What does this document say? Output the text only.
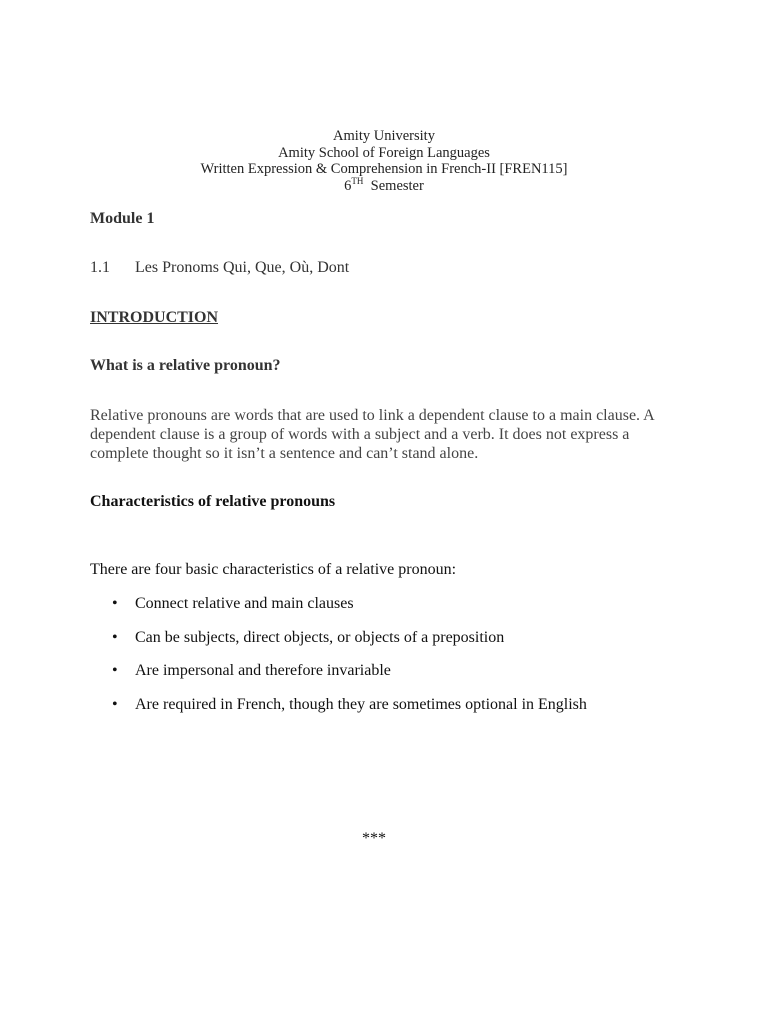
Amity University
Amity School of Foreign Languages
Written Expression & Comprehension in French-II [FREN115]
6TH Semester
Module 1
1.1 Les Pronoms Qui, Que, Où, Dont
INTRODUCTION
What is a relative pronoun?
Relative pronouns are words that are used to link a dependent clause to a main clause. A dependent clause is a group of words with a subject and a verb. It does not express a complete thought so it isn’t a sentence and can’t stand alone.
Characteristics of relative pronouns
There are four basic characteristics of a relative pronoun:
•	Connect relative and main clauses
•	Can be subjects, direct objects, or objects of a preposition
•	Are impersonal and therefore invariable
•	Are required in French, though they are sometimes optional in English
***
